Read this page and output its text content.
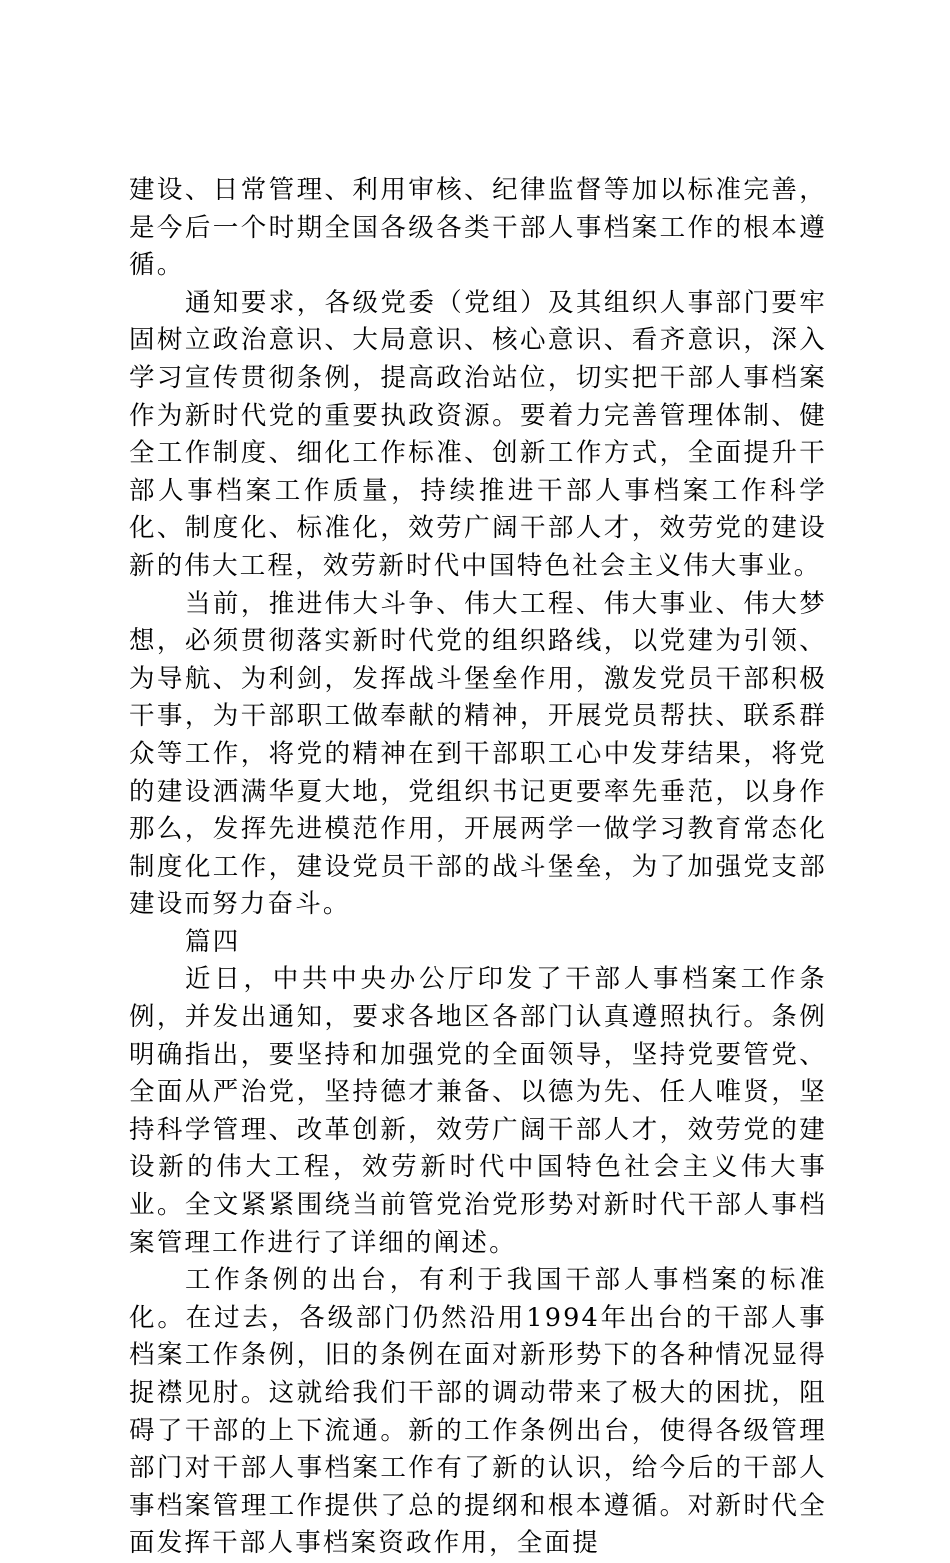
建设、日常管理、利用审核、纪律监督等加以标准完善，是今后一个时期全国各级各类干部人事档案工作的根本遵循。

通知要求，各级党委（党组）及其组织人事部门要牢固树立政治意识、大局意识、核心意识、看齐意识，深入学习宣传贯彻条例，提高政治站位，切实把干部人事档案作为新时代党的重要执政资源。要着力完善管理体制、健全工作制度、细化工作标准、创新工作方式，全面提升干部人事档案工作质量，持续推进干部人事档案工作科学化、制度化、标准化，效劳广阔干部人才，效劳党的建设新的伟大工程，效劳新时代中国特色社会主义伟大事业。

当前，推进伟大斗争、伟大工程、伟大事业、伟大梦想，必须贯彻落实新时代党的组织路线，以党建为引领、为导航、为利剑，发挥战斗堡垒作用，激发党员干部积极干事，为干部职工做奉献的精神，开展党员帮扶、联系群众等工作，将党的精神在到干部职工心中发芽结果，将党的建设洒满华夏大地，党组织书记更要率先垂范，以身作那么，发挥先进模范作用，开展两学一做学习教育常态化制度化工作，建设党员干部的战斗堡垒，为了加强党支部建设而努力奋斗。

篇四

近日，中共中央办公厅印发了干部人事档案工作条例，并发出通知，要求各地区各部门认真遵照执行。条例明确指出，要坚持和加强党的全面领导，坚持党要管党、全面从严治党，坚持德才兼备、以德为先、任人唯贤，坚持科学管理、改革创新，效劳广阔干部人才，效劳党的建设新的伟大工程，效劳新时代中国特色社会主义伟大事业。全文紧紧围绕当前管党治党形势对新时代干部人事档案管理工作进行了详细的阐述。

工作条例的出台，有利于我国干部人事档案的标准化。在过去，各级部门仍然沿用1994年出台的干部人事档案工作条例，旧的条例在面对新形势下的各种情况显得捉襟见肘。这就给我们干部的调动带来了极大的困扰，阻碍了干部的上下流通。新的工作条例出台，使得各级管理部门对干部人事档案工作有了新的认识，给今后的干部人事档案管理工作提供了总的提纲和根本遵循。对新时代全面发挥干部人事档案资政作用，全面提
